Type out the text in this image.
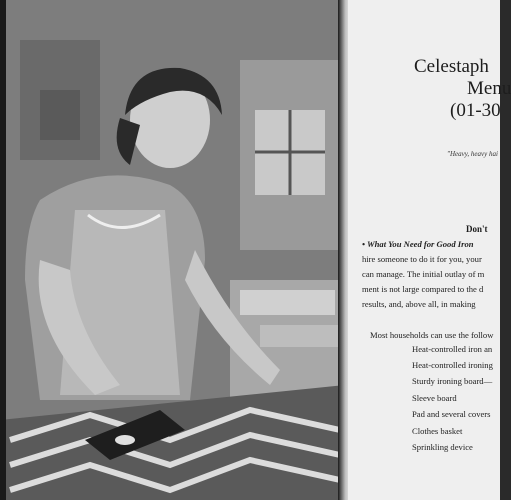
Celestaph
Menu
(01-30
"Heavy, heavy hai
Don't
• What You Need for Good Iron
hire someone to do it for you, your
can manage. The initial outlay of m
ment is not large compared to the d
results, and, above all, in making
Most households can use the follow
Heat-controlled iron an
Heat-controlled ironing
Sturdy ironing board—
Sleeve board
Pad and several covers
Clothes basket
Sprinkling device
